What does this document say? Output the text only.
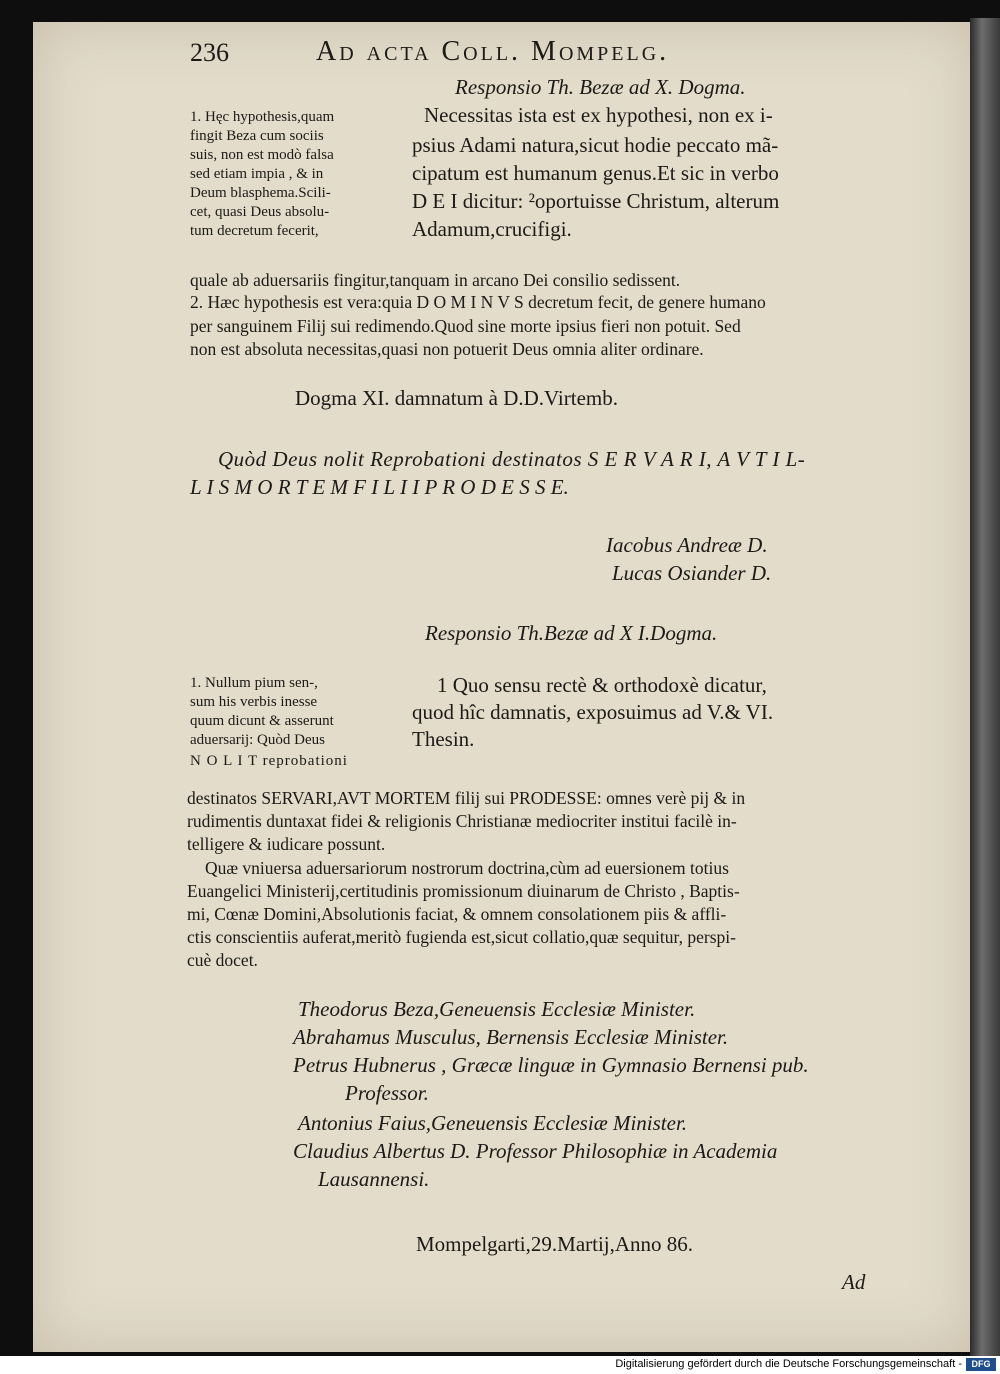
236	Ad acta Coll. Mompelg.
Responsio Th. Bezæ ad X. Dogma.
1. Hęc hypothesis,quam
fingit Beza cum sociis
suis, non est modò falsa
sed etiam impia , & in
Deum blasphema.Scili-
cet, quasi Deus absolu-
tum decretum fecerit,
Necessitas ista est ex hypothesi, non ex i-
psius Adami natura,sicut hodie peccato mã-
cipatum est humanum genus.Et sic in verbo
D E I dicitur: ²oportuisse Christum, alterum
Adamum,crucifigi.
quale ab aduersariis fingitur,tanquam in arcano Dei consilio sedissent.
2. Hæc hypothesis est vera:quia D O M I N V S decretum fecit, de genere humano
per sanguinem Filij sui redimendo.Quod sine morte ipsius fieri non potuit. Sed
non est absoluta necessitas,quasi non potuerit Deus omnia aliter ordinare.
Dogma XI. damnatum à D.D.Virtemb.
Quòd Deus nolit Reprobationi destinatos S E R V A R I, A V T I L-
L I S M O R T E M F I L I I P R O D E S S E.
Iacobus Andreæ D.
Lucas Osiander D.
Responsio Th.Bezæ ad X I.Dogma.
1. Nullum pium sen-,
sum his verbis inesse
quum dicunt & asserunt
aduersarij: Quòd Deus
N O L I T reprobationi
1 Quo sensu rectè & orthodoxè dicatur,
quod hîc damnatis, exposuimus ad V.& VI.
Thesin.
destinatos SERVARI,AVT MORTEM filij sui PRODESSE: omnes verè pij & in
rudimentis duntaxat fidei & religionis Christianæ mediocriter institui facilè in-
telligere & iudicare possunt.
Quæ vniuersa aduersariorum nostrorum doctrina,cùm ad euersionem totius
Euangelici Ministerij,certitudinis promissionum diuinarum de Christo , Baptis-
mi, Cœnæ Domini,Absolutionis faciat, & omnem consolationem piis & affli-
ctis conscientiis auferat,meritò fugienda est,sicut collatio,quæ sequitur, perspi-
cuè docet.
Theodorus Beza,Geneuensis Ecclesiæ Minister.
Abrahamus Musculus, Bernensis Ecclesiæ Minister.
Petrus Hubnerus , Græcæ linguæ in Gymnasio Bernensi pub.
Professor.
Antonius Faius,Geneuensis Ecclesiæ Minister.
Claudius Albertus D. Professor Philosophiæ in Academia
Lausannensi.
Mompelgarti,29.Martij,Anno 86.
Ad
Digitalisierung gefördert durch die Deutsche Forschungsgemeinschaft -	DFG
